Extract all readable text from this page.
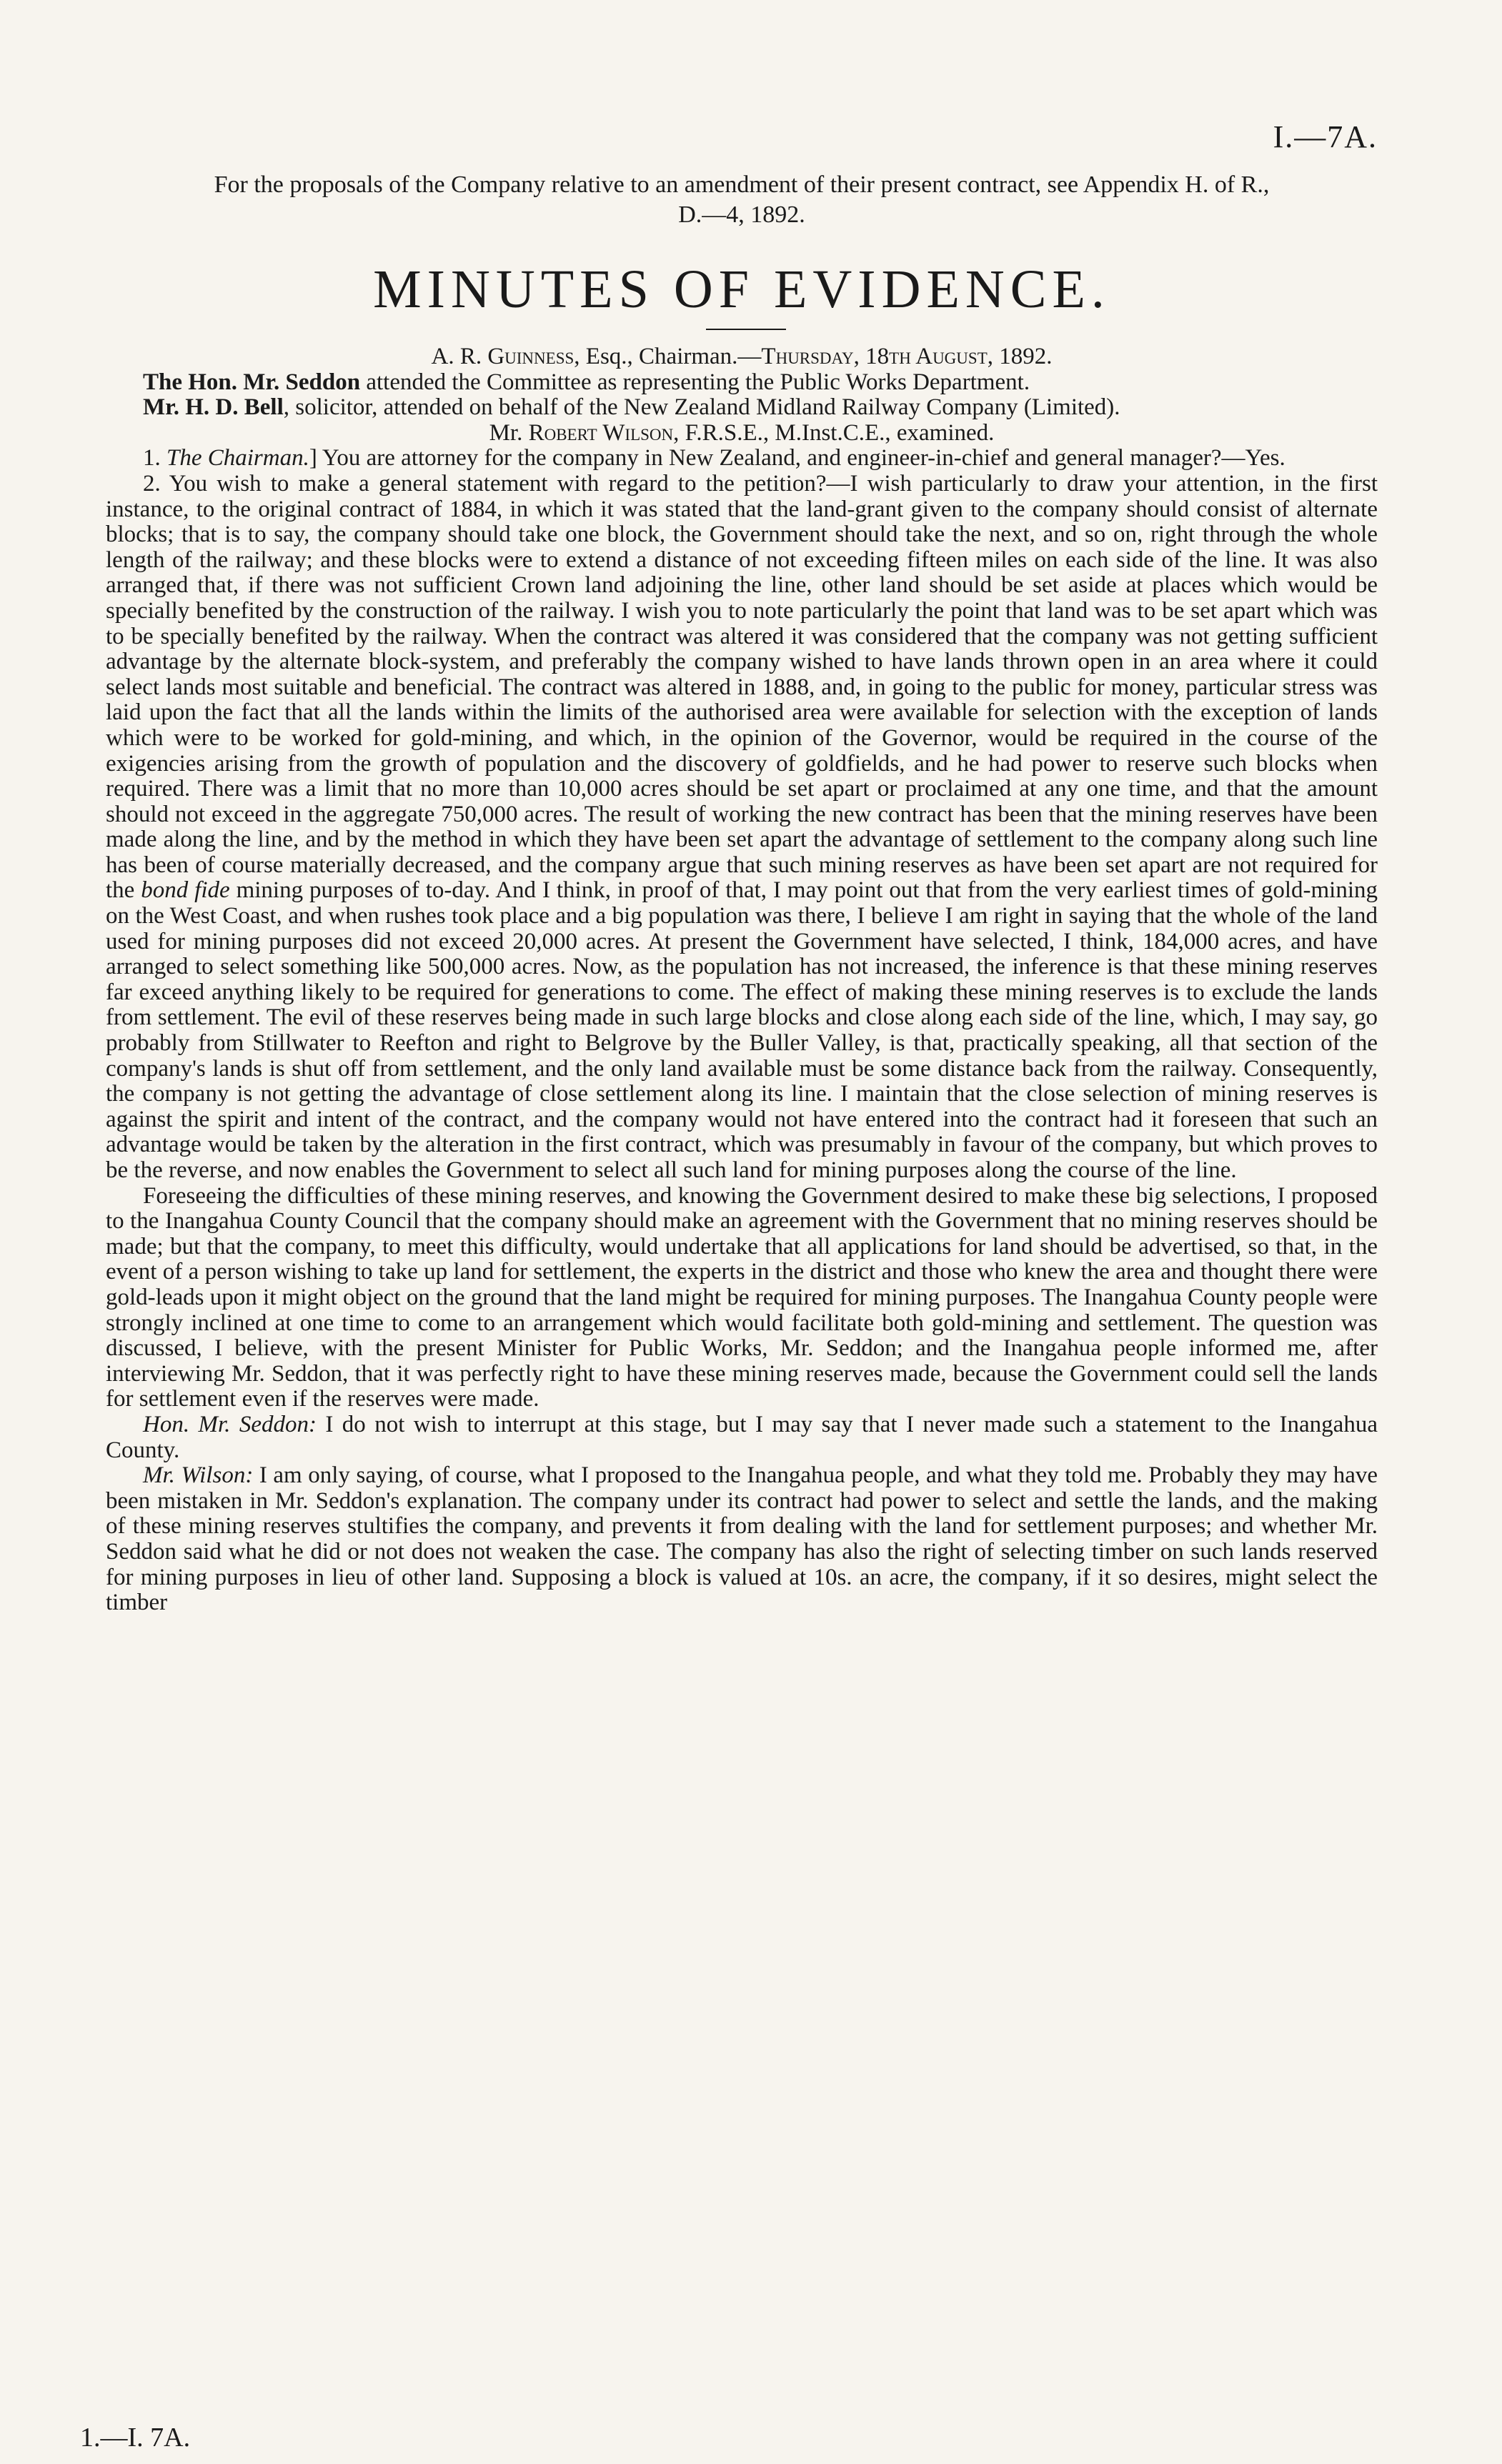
I.—7A.
For the proposals of the Company relative to an amendment of their present contract, see Appendix H. of R., D.—4, 1892.
MINUTES OF EVIDENCE.

A. R. Guinness, Esq., Chairman.—Thursday, 18th August, 1892.

The Hon. Mr. Seddon attended the Committee as representing the Public Works Department.

Mr. H. D. Bell, solicitor, attended on behalf of the New Zealand Midland Railway Company (Limited).

Mr. Robert Wilson, F.R.S.E., M.Inst.C.E., examined.

1. The Chairman.] You are attorney for the company in New Zealand, and engineer-in-chief and general manager?—Yes.

2. You wish to make a general statement with regard to the petition?—I wish particularly to draw your attention, in the first instance, to the original contract of 1884, in which it was stated that the land-grant given to the company should consist of alternate blocks; that is to say, the company should take one block, the Government should take the next, and so on, right through the whole length of the railway; and these blocks were to extend a distance of not exceeding fifteen miles on each side of the line. It was also arranged that, if there was not sufficient Crown land adjoining the line, other land should be set aside at places which would be specially benefited by the construction of the railway. I wish you to note particularly the point that land was to be set apart which was to be specially benefited by the railway. When the contract was altered it was considered that the company was not getting sufficient advantage by the alternate block-system, and preferably the company wished to have lands thrown open in an area where it could select lands most suitable and beneficial. The contract was altered in 1888, and, in going to the public for money, particular stress was laid upon the fact that all the lands within the limits of the authorised area were available for selection with the exception of lands which were to be worked for gold-mining, and which, in the opinion of the Governor, would be required in the course of the exigencies arising from the growth of population and the discovery of goldfields, and he had power to reserve such blocks when required. There was a limit that no more than 10,000 acres should be set apart or proclaimed at any one time, and that the amount should not exceed in the aggregate 750,000 acres. The result of working the new contract has been that the mining reserves have been made along the line, and by the method in which they have been set apart the advantage of settlement to the company along such line has been of course materially decreased, and the company argue that such mining reserves as have been set apart are not required for the bond fide mining purposes of to-day. And I think, in proof of that, I may point out that from the very earliest times of gold-mining on the West Coast, and when rushes took place and a big population was there, I believe I am right in saying that the whole of the land used for mining purposes did not exceed 20,000 acres. At present the Government have selected, I think, 184,000 acres, and have arranged to select something like 500,000 acres. Now, as the population has not increased, the inference is that these mining reserves far exceed anything likely to be required for generations to come. The effect of making these mining reserves is to exclude the lands from settlement. The evil of these reserves being made in such large blocks and close along each side of the line, which, I may say, go probably from Stillwater to Reefton and right to Belgrove by the Buller Valley, is that, practically speaking, all that section of the company's lands is shut off from settlement, and the only land available must be some distance back from the railway. Consequently, the company is not getting the advantage of close settlement along its line. I maintain that the close selection of mining reserves is against the spirit and intent of the contract, and the company would not have entered into the contract had it foreseen that such an advantage would be taken by the alteration in the first contract, which was presumably in favour of the company, but which proves to be the reverse, and now enables the Government to select all such land for mining purposes along the course of the line.

Foreseeing the difficulties of these mining reserves, and knowing the Government desired to make these big selections, I proposed to the Inangahua County Council that the company should make an agreement with the Government that no mining reserves should be made; but that the company, to meet this difficulty, would undertake that all applications for land should be advertised, so that, in the event of a person wishing to take up land for settlement, the experts in the district and those who knew the area and thought there were gold-leads upon it might object on the ground that the land might be required for mining purposes. The Inangahua County people were strongly inclined at one time to come to an arrangement which would facilitate both gold-mining and settlement. The question was discussed, I believe, with the present Minister for Public Works, Mr. Seddon; and the Inangahua people informed me, after interviewing Mr. Seddon, that it was perfectly right to have these mining reserves made, because the Government could sell the lands for settlement even if the reserves were made.

Hon. Mr. Seddon: I do not wish to interrupt at this stage, but I may say that I never made such a statement to the Inangahua County.

Mr. Wilson: I am only saying, of course, what I proposed to the Inangahua people, and what they told me. Probably they may have been mistaken in Mr. Seddon's explanation. The company under its contract had power to select and settle the lands, and the making of these mining reserves stultifies the company, and prevents it from dealing with the land for settlement purposes; and whether Mr. Seddon said what he did or not does not weaken the case. The company has also the right of selecting timber on such lands reserved for mining purposes in lieu of other land. Supposing a block is valued at 10s. an acre, the company, if it so desires, might select the timber

1.—I. 7A.
